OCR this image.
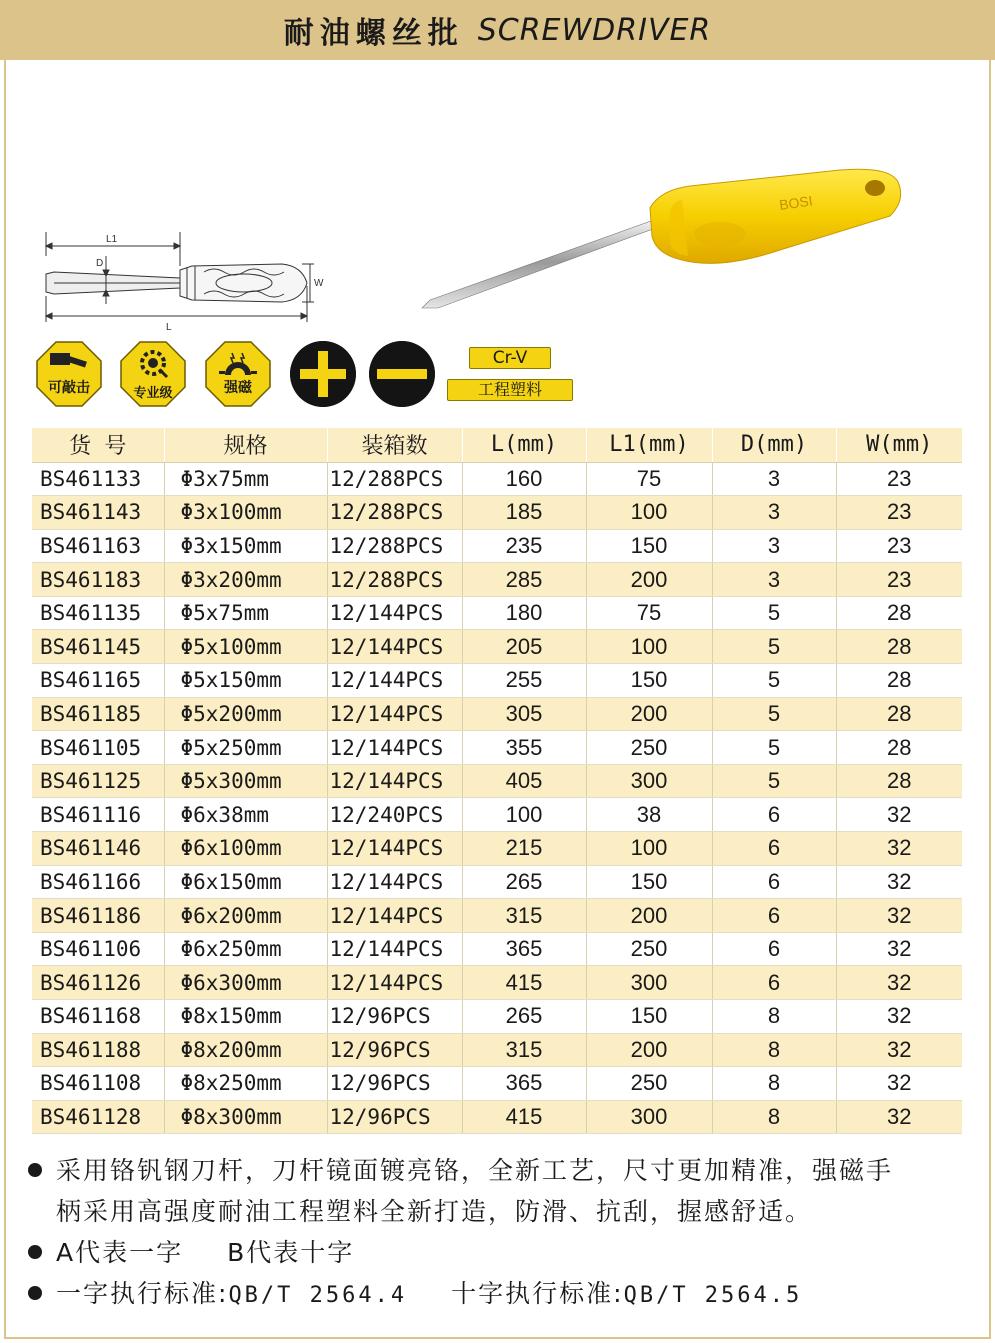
耐油螺丝批 SCREWDRIVER
L1
D
W
L
BOSI
可敲击	专业级	强磁
Cr-V
工程塑料
货 号	规格	装箱数	L(mm)	L1(mm)	D(mm)	W(mm)
BS461133	Φ3x75mm	12/288PCS	160	75	3	23
BS461143	Φ3x100mm	12/288PCS	185	100	3	23
BS461163	Φ3x150mm	12/288PCS	235	150	3	23
BS461183	Φ3x200mm	12/288PCS	285	200	3	23
BS461135	Φ5x75mm	12/144PCS	180	75	5	28
BS461145	Φ5x100mm	12/144PCS	205	100	5	28
BS461165	Φ5x150mm	12/144PCS	255	150	5	28
BS461185	Φ5x200mm	12/144PCS	305	200	5	28
BS461105	Φ5x250mm	12/144PCS	355	250	5	28
BS461125	Φ5x300mm	12/144PCS	405	300	5	28
BS461116	Φ6x38mm	12/240PCS	100	38	6	32
BS461146	Φ6x100mm	12/144PCS	215	100	6	32
BS461166	Φ6x150mm	12/144PCS	265	150	6	32
BS461186	Φ6x200mm	12/144PCS	315	200	6	32
BS461106	Φ6x250mm	12/144PCS	365	250	6	32
BS461126	Φ6x300mm	12/144PCS	415	300	6	32
BS461168	Φ8x150mm	12/96PCS	265	150	8	32
BS461188	Φ8x200mm	12/96PCS	315	200	8	32
BS461108	Φ8x250mm	12/96PCS	365	250	8	32
BS461128	Φ8x300mm	12/96PCS	415	300	8	32
采用铬钒钢刀杆，刀杆镜面镀亮铬，全新工艺，尺寸更加精准，强磁手
柄采用高强度耐油工程塑料全新打造，防滑、抗刮，握感舒适。
A代表一字 B代表十字
一字执行标准:QB/T 2564.4 十字执行标准:QB/T 2564.5
